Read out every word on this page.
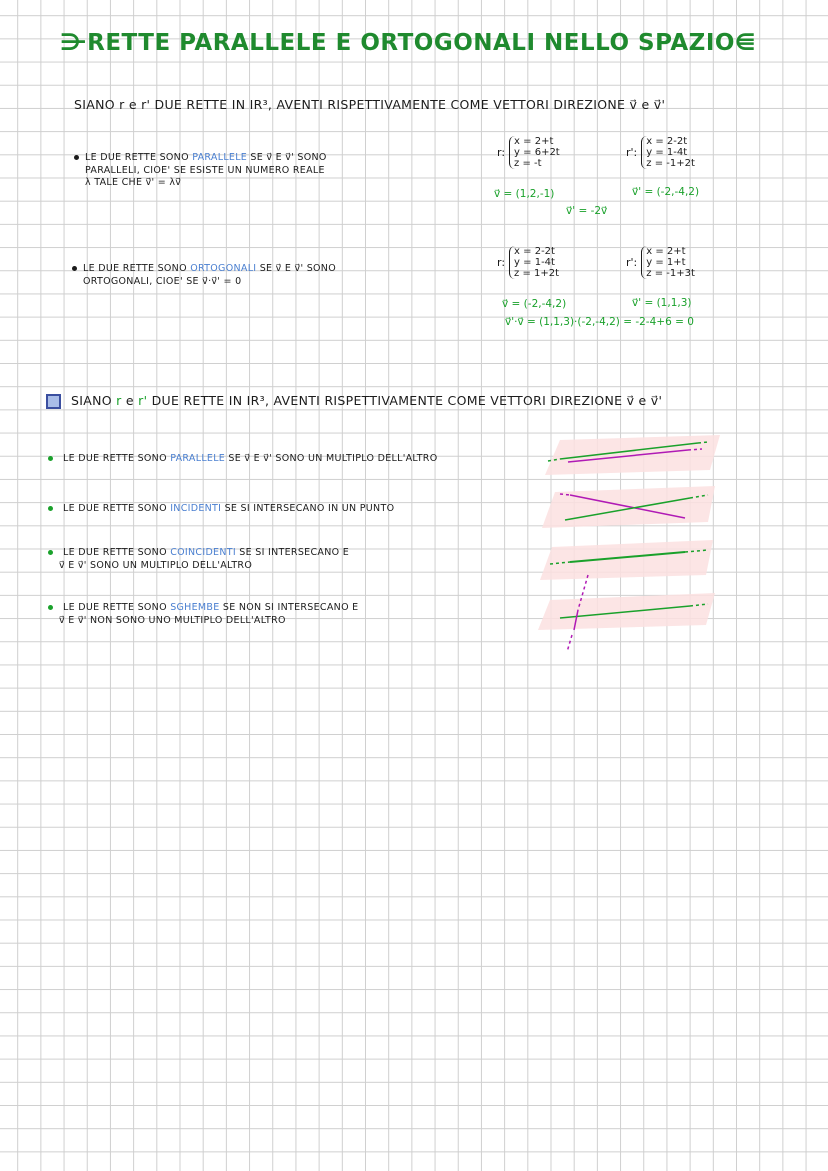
⋺RETTE PARALLELE E ORTOGONALI NELLO SPAZIO⋹
SIANO r e r' DUE RETTE IN IR³, AVENTI RISPETTIVAMENTE COME VETTORI DIREZIONE v⃗ e v⃗'
LE DUE RETTE SONO PARALLELE SE v⃗ E v⃗' SONO
PARALLELI, CIOE' SE ESISTE UN NUMERO REALE
λ TALE CHE v⃗' = λv⃗
LE DUE RETTE SONO ORTOGONALI SE v⃗ E v⃗' SONO
ORTOGONALI, CIOE' SE v⃗·v⃗' = 0
r:
x = 2+t
y = 6+2t
z = -t
r':
x = 2-2t
y = 1-4t
z = -1+2t
v⃗ = (1,2,-1)	v⃗' = (-2,-4,2)
v⃗' = -2v⃗
r:
x = 2-2t
y = 1-4t
z = 1+2t
r':
x = 2+t
y = 1+t
z = -1+3t
v⃗ = (-2,-4,2)	v⃗' = (1,1,3)
v⃗'·v⃗ = (1,1,3)·(-2,-4,2) = -2-4+6 = 0
SIANO r e r' DUE RETTE IN IR³, AVENTI RISPETTIVAMENTE COME VETTORI DIREZIONE v⃗ e v⃗'
LE DUE RETTE SONO PARALLELE SE v⃗ E v⃗' SONO UN MULTIPLO DELL'ALTRO
LE DUE RETTE SONO INCIDENTI SE SI INTERSECANO IN UN PUNTO
LE DUE RETTE SONO COINCIDENTI SE SI INTERSECANO E
v⃗ E v⃗' SONO UN MULTIPLO DELL'ALTRO
LE DUE RETTE SONO SGHEMBE SE NON SI INTERSECANO E
v⃗ E v⃗' NON SONO UNO MULTIPLO DELL'ALTRO
